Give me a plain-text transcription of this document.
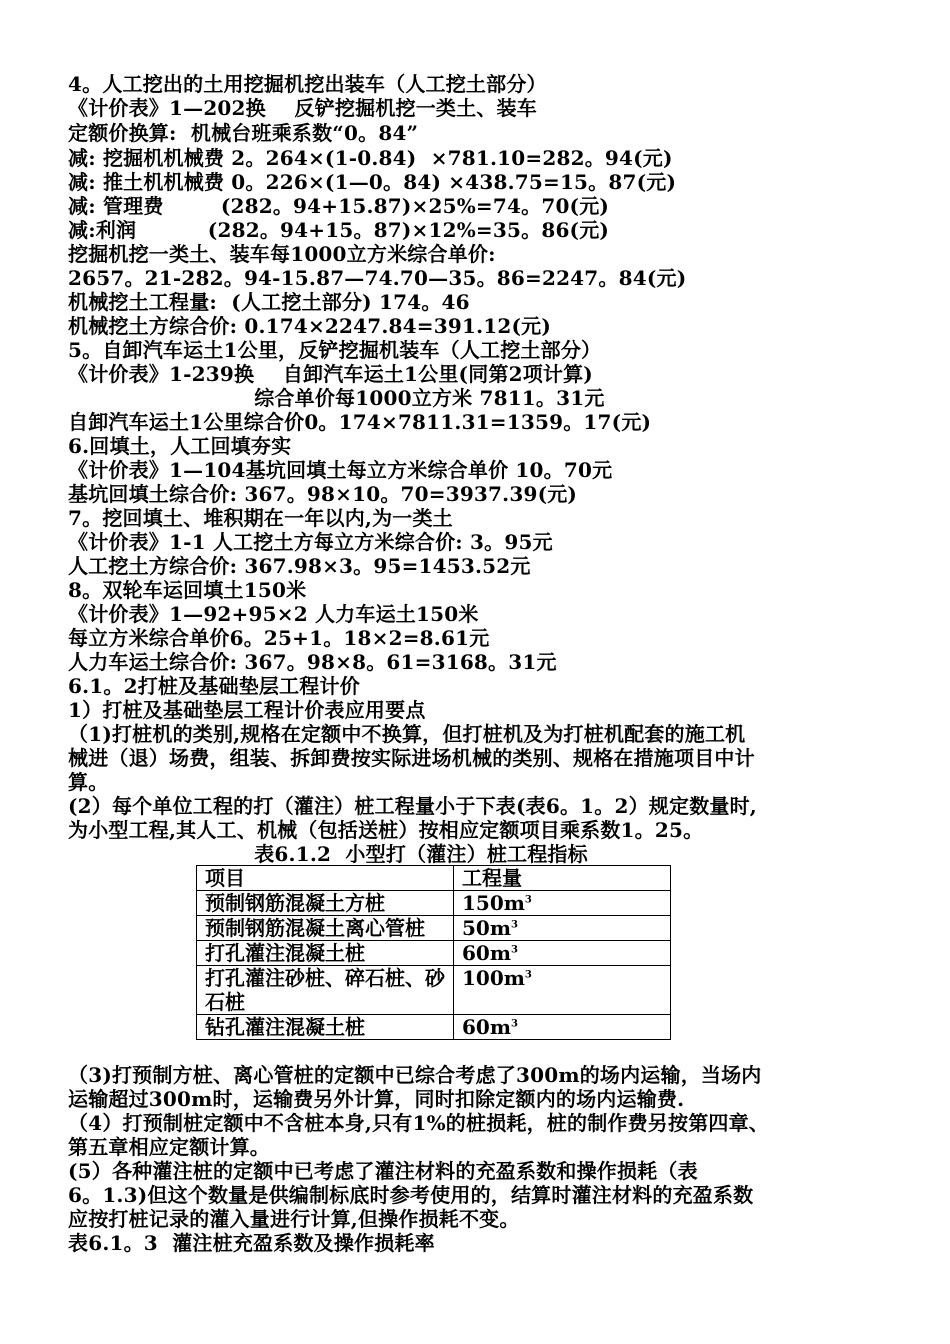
4。人工挖出的土用挖掘机挖出装车（人工挖土部分）
《计价表》1—202换    反铲挖掘机挖一类土、装车
定额价换算:  机械台班乘系数“0。84”
减: 挖掘机机械费 2。264×(1-0.84)  ×781.10=282。94(元)
减: 推土机机械费 0。226×(1—0。84) ×438.75=15。87(元)
减: 管理费        (282。94+15.87)×25%=74。70(元)
减:利润          (282。94+15。87)×12%=35。86(元)
挖掘机挖一类土、装车每1000立方米综合单价:
2657。21-282。94-15.87—74.70—35。86=2247。84(元)
机械挖土工程量:  (人工挖土部分) 174。46
机械挖土方综合价: 0.174×2247.84=391.12(元)
5。自卸汽车运土1公里，反铲挖掘机装车（人工挖土部分）
《计价表》1-239换    自卸汽车运土1公里(同第2项计算)
综合单价每1000立方米 7811。31元
自卸汽车运土1公里综合价0。174×7811.31=1359。17(元)
6.回填土，人工回填夯实
《计价表》1—104基坑回填土每立方米综合单价 10。70元
基坑回填土综合价: 367。98×10。70=3937.39(元)
7。挖回填土、堆积期在一年以内,为一类土
《计价表》1-1 人工挖土方每立方米综合价: 3。95元
人工挖土方综合价: 367.98×3。95=1453.52元
8。双轮车运回填土150米
《计价表》1—92+95×2 人力车运土150米
每立方米综合单价6。25+1。18×2=8.61元
人力车运土综合价: 367。98×8。61=3168。31元
6.1。2打桩及基础垫层工程计价
1）打桩及基础垫层工程计价表应用要点
（1)打桩机的类别,规格在定额中不换算，但打桩机及为打桩机配套的施工机
械进（退）场费，组装、拆卸费按实际进场机械的类别、规格在措施项目中计
算。
(2）每个单位工程的打（灌注）桩工程量小于下表(表6。1。2）规定数量时,
为小型工程,其人工、机械（包括送桩）按相应定额项目乘系数1。25。
表6.1.2  小型打（灌注）桩工程指标
项目	工程量
预制钢筋混凝土方桩	$150m^3$
预制钢筋混凝土离心管桩	$50m^3$
打孔灌注混凝土桩	$60m^3$
打孔灌注砂桩、碎石桩、砂石桩	$100m^3$
钻孔灌注混凝土桩	$60m^3$
（3)打预制方桩、离心管桩的定额中已综合考虑了300m的场内运输，当场内
运输超过300m时，运输费另外计算，同时扣除定额内的场内运输费.
（4）打预制桩定额中不含桩本身,只有1%的桩损耗，桩的制作费另按第四章、
第五章相应定额计算。
(5）各种灌注桩的定额中已考虑了灌注材料的充盈系数和操作损耗（表
6。1.3)但这个数量是供编制标底时参考使用的，结算时灌注材料的充盈系数
应按打桩记录的灌入量进行计算,但操作损耗不变。
表6.1。3  灌注桩充盈系数及操作损耗率
